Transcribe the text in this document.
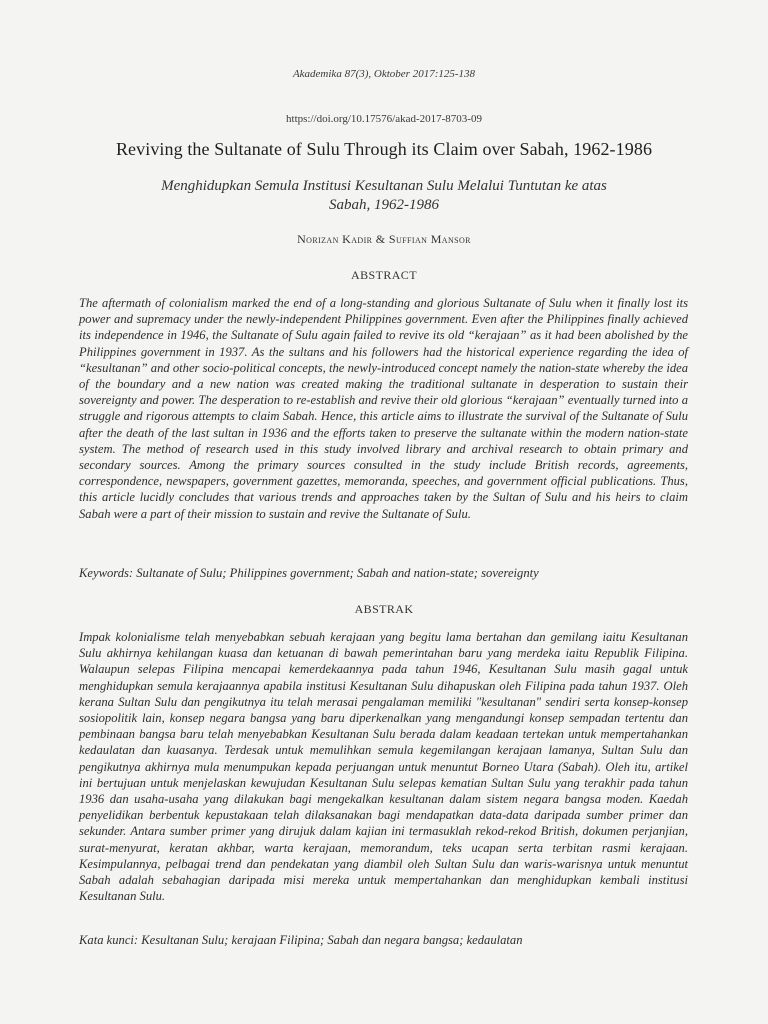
Akademika 87(3), Oktober 2017:125-138
https://doi.org/10.17576/akad-2017-8703-09
Reviving the Sultanate of Sulu Through its Claim over Sabah, 1962-1986

Menghidupkan Semula Institusi Kesultanan Sulu Melalui Tuntutan ke atas Sabah, 1962-1986

Norizan Kadir & Suffian Mansor
ABSTRACT

The aftermath of colonialism marked the end of a long-standing and glorious Sultanate of Sulu when it finally lost its power and supremacy under the newly-independent Philippines government. Even after the Philippines finally achieved its independence in 1946, the Sultanate of Sulu again failed to revive its old “kerajaan” as it had been abolished by the Philippines government in 1937. As the sultans and his followers had the historical experience regarding the idea of “kesultanan” and other socio-political concepts, the newly-introduced concept namely the nation-state whereby the idea of the boundary and a new nation was created making the traditional sultanate in desperation to sustain their sovereignty and power. The desperation to re-establish and revive their old glorious “kerajaan” eventually turned into a struggle and rigorous attempts to claim Sabah. Hence, this article aims to illustrate the survival of the Sultanate of Sulu after the death of the last sultan in 1936 and the efforts taken to preserve the sultanate within the modern nation-state system. The method of research used in this study involved library and archival research to obtain primary and secondary sources. Among the primary sources consulted in the study include British records, agreements, correspondence, newspapers, government gazettes, memoranda, speeches, and government official publications. Thus, this article lucidly concludes that various trends and approaches taken by the Sultan of Sulu and his heirs to claim Sabah were a part of their mission to sustain and revive the Sultanate of Sulu.

Keywords: Sultanate of Sulu; Philippines government; Sabah and nation-state; sovereignty

ABSTRAK

Impak kolonialisme telah menyebabkan sebuah kerajaan yang begitu lama bertahan dan gemilang iaitu Kesultanan Sulu akhirnya kehilangan kuasa dan ketuanan di bawah pemerintahan baru yang merdeka iaitu Republik Filipina. Walaupun selepas Filipina mencapai kemerdekaannya pada tahun 1946, Kesultanan Sulu masih gagal untuk menghidupkan semula kerajaannya apabila institusi Kesultanan Sulu dihapuskan oleh Filipina pada tahun 1937. Oleh kerana Sultan Sulu dan pengikutnya itu telah merasai pengalaman memiliki "kesultanan" sendiri serta konsep-konsep sosiopolitik lain, konsep negara bangsa yang baru diperkenalkan yang mengandungi konsep sempadan tertentu dan pembinaan bangsa baru telah menyebabkan Kesultanan Sulu berada dalam keadaan tertekan untuk mempertahankan kedaulatan dan kuasanya. Terdesak untuk memulihkan semula kegemilangan kerajaan lamanya, Sultan Sulu dan pengikutnya akhirnya mula menumpukan kepada perjuangan untuk menuntut Borneo Utara (Sabah). Oleh itu, artikel ini bertujuan untuk menjelaskan kewujudan Kesultanan Sulu selepas kematian Sultan Sulu yang terakhir pada tahun 1936 dan usaha-usaha yang dilakukan bagi mengekalkan kesultanan dalam sistem negara bangsa moden. Kaedah penyelidikan berbentuk kepustakaan telah dilaksanakan bagi mendapatkan data-data daripada sumber primer dan sekunder. Antara sumber primer yang dirujuk dalam kajian ini termasuklah rekod-rekod British, dokumen perjanjian, surat-menyurat, keratan akhbar, warta kerajaan, memorandum, teks ucapan serta terbitan rasmi kerajaan. Kesimpulannya, pelbagai trend dan pendekatan yang diambil oleh Sultan Sulu dan waris-warisnya untuk menuntut Sabah adalah sebahagian daripada misi mereka untuk mempertahankan dan menghidupkan kembali institusi Kesultanan Sulu.

Kata kunci: Kesultanan Sulu; kerajaan Filipina; Sabah dan negara bangsa; kedaulatan
